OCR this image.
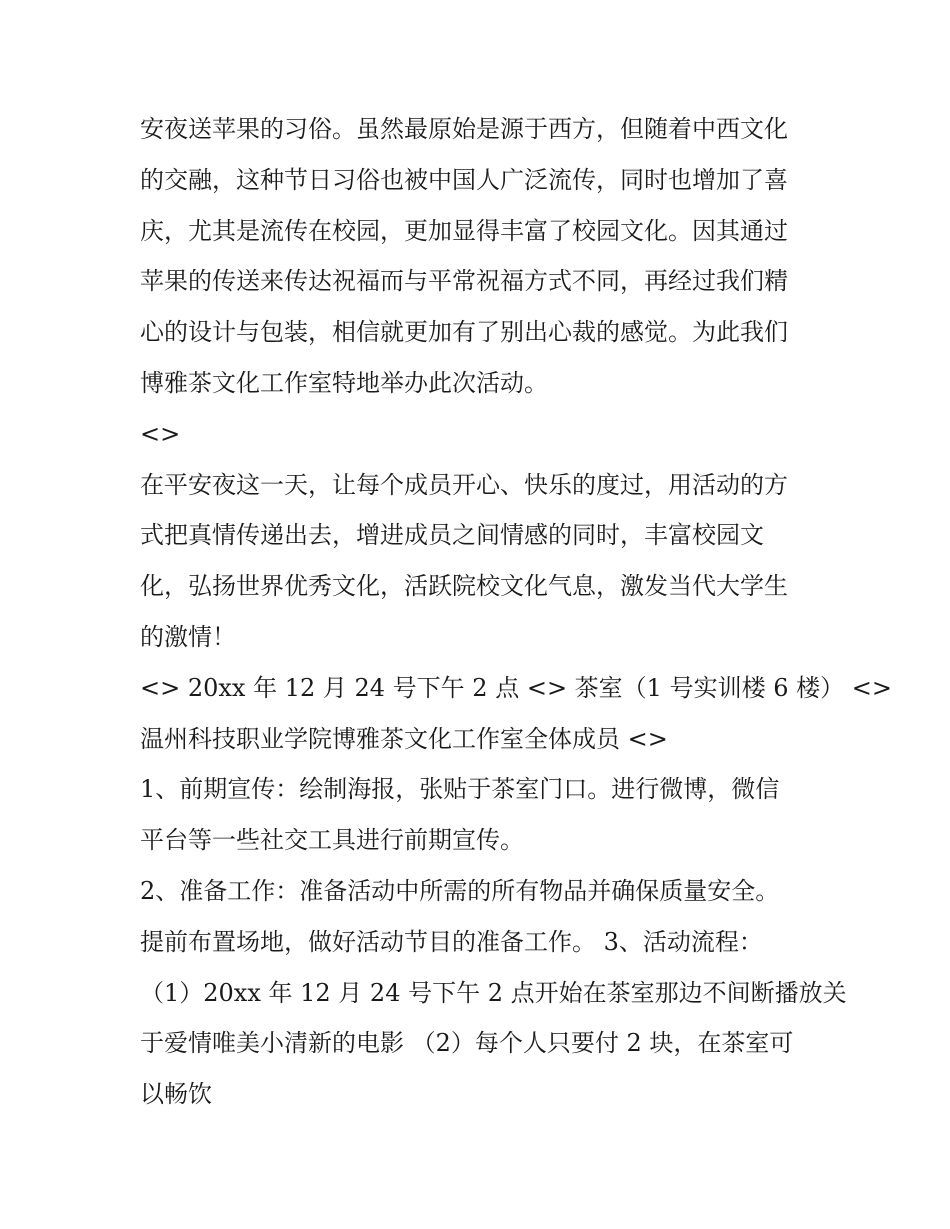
安夜送苹果的习俗。虽然最原始是源于西方，但随着中西文化
的交融，这种节日习俗也被中国人广泛流传，同时也增加了喜
庆，尤其是流传在校园，更加显得丰富了校园文化。因其通过
苹果的传送来传达祝福而与平常祝福方式不同，再经过我们精
心的设计与包装，相信就更加有了别出心裁的感觉。为此我们
博雅茶文化工作室特地举办此次活动。
<>
在平安夜这一天，让每个成员开心、快乐的度过，用活动的方
式把真情传递出去，增进成员之间情感的同时，丰富校园文
化，弘扬世界优秀文化，活跃院校文化气息，激发当代大学生
的激情！
<> 20xx 年 12 月 24 号下午 2 点 <> 茶室（1 号实训楼 6 楼） <>
温州科技职业学院博雅茶文化工作室全体成员 <>
1、前期宣传：绘制海报，张贴于茶室门口。进行微博，微信
平台等一些社交工具进行前期宣传。
2、准备工作：准备活动中所需的所有物品并确保质量安全。
提前布置场地，做好活动节目的准备工作。 3、活动流程：
（1）20xx 年 12 月 24 号下午 2 点开始在茶室那边不间断播放关
于爱情唯美小清新的电影 （2）每个人只要付 2 块，在茶室可
以畅饮
